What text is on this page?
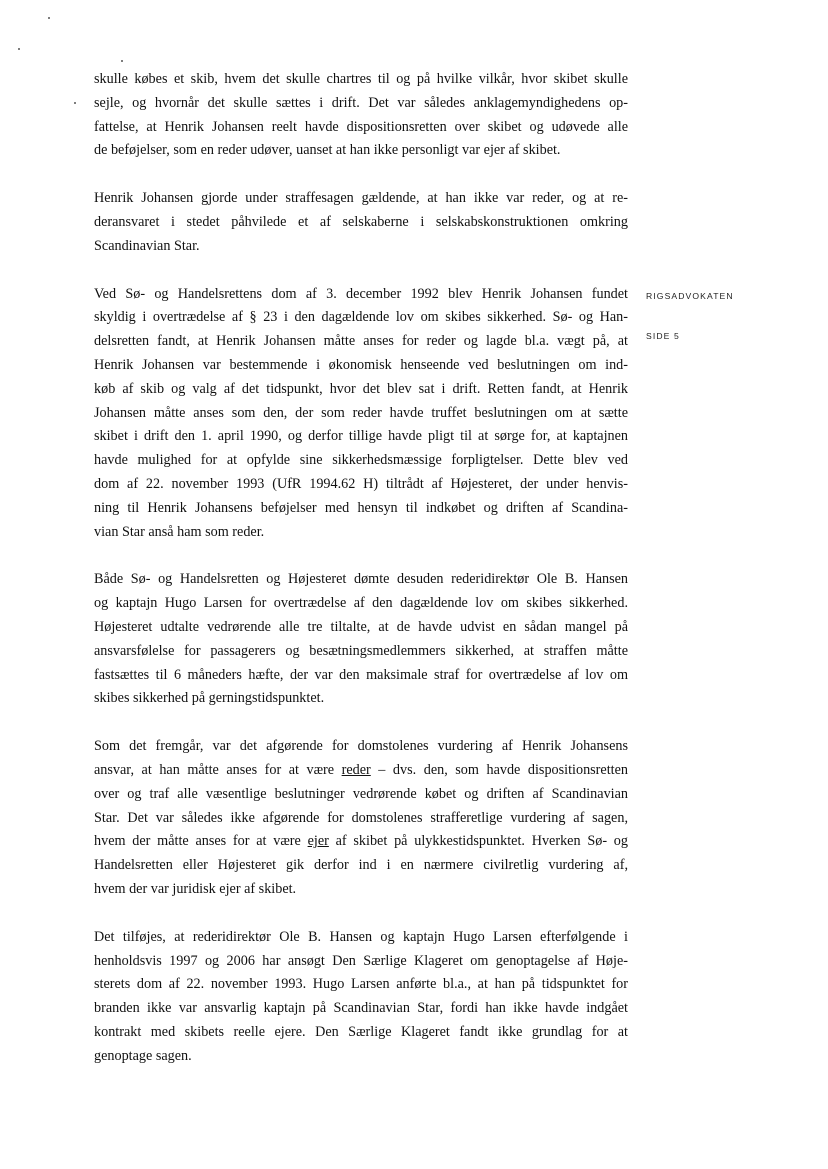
skulle købes et skib, hvem det skulle chartres til og på hvilke vilkår, hvor skibet skulle
sejle, og hvornår det skulle sættes i drift. Det var således anklagemyndighedens op-
fattelse, at Henrik Johansen reelt havde dispositionsretten over skibet og udøvede alle
de beføjelser, som en reder udøver, uanset at han ikke personligt var ejer af skibet.
Henrik Johansen gjorde under straffesagen gældende, at han ikke var reder, og at re-
deransvaret i stedet påhvilede et af selskaberne i selskabskonstruktionen omkring
Scandinavian Star.
Ved Sø- og Handelsrettens dom af 3. december 1992 blev Henrik Johansen fundet
skyldig i overtrædelse af § 23 i den dagældende lov om skibes sikkerhed. Sø- og Han-
delsretten fandt, at Henrik Johansen måtte anses for reder og lagde bl.a. vægt på, at
Henrik Johansen var bestemmende i økonomisk henseende ved beslutningen om ind-
køb af skib og valg af det tidspunkt, hvor det blev sat i drift. Retten fandt, at Henrik
Johansen måtte anses som den, der som reder havde truffet beslutningen om at sætte
skibet i drift den 1. april 1990, og derfor tillige havde pligt til at sørge for, at kaptajnen
havde mulighed for at opfylde sine sikkerhedsmæssige forpligtelser. Dette blev ved
dom af 22. november 1993 (UfR 1994.62 H) tiltrådt af Højesteret, der under henvis-
ning til Henrik Johansens beføjelser med hensyn til indkøbet og driften af Scandina-
vian Star anså ham som reder.
Både Sø- og Handelsretten og Højesteret dømte desuden rederidirektør Ole B. Hansen
og kaptajn Hugo Larsen for overtrædelse af den dagældende lov om skibes sikkerhed.
Højesteret udtalte vedrørende alle tre tiltalte, at de havde udvist en sådan mangel på
ansvarsfølelse for passagerers og besætningsmedlemmers sikkerhed, at straffen måtte
fastsættes til 6 måneders hæfte, der var den maksimale straf for overtrædelse af lov om
skibes sikkerhed på gerningstidspunktet.
Som det fremgår, var det afgørende for domstolenes vurdering af Henrik Johansens
ansvar, at han måtte anses for at være reder – dvs. den, som havde dispositionsretten
over og traf alle væsentlige beslutninger vedrørende købet og driften af Scandinavian
Star. Det var således ikke afgørende for domstolenes strafferetlige vurdering af sagen,
hvem der måtte anses for at være ejer af skibet på ulykkestidspunktet. Hverken Sø- og
Handelsretten eller Højesteret gik derfor ind i en nærmere civilretlig vurdering af,
hvem der var juridisk ejer af skibet.
Det tilføjes, at rederidirektør Ole B. Hansen og kaptajn Hugo Larsen efterfølgende i
henholdsvis 1997 og 2006 har ansøgt Den Særlige Klageret om genoptagelse af Høje-
sterets dom af 22. november 1993. Hugo Larsen anførte bl.a., at han på tidspunktet for
branden ikke var ansvarlig kaptajn på Scandinavian Star, fordi han ikke havde indgået
kontrakt med skibets reelle ejere. Den Særlige Klageret fandt ikke grundlag for at
genoptage sagen.
RIGSADVOKATEN
SIDE 5
